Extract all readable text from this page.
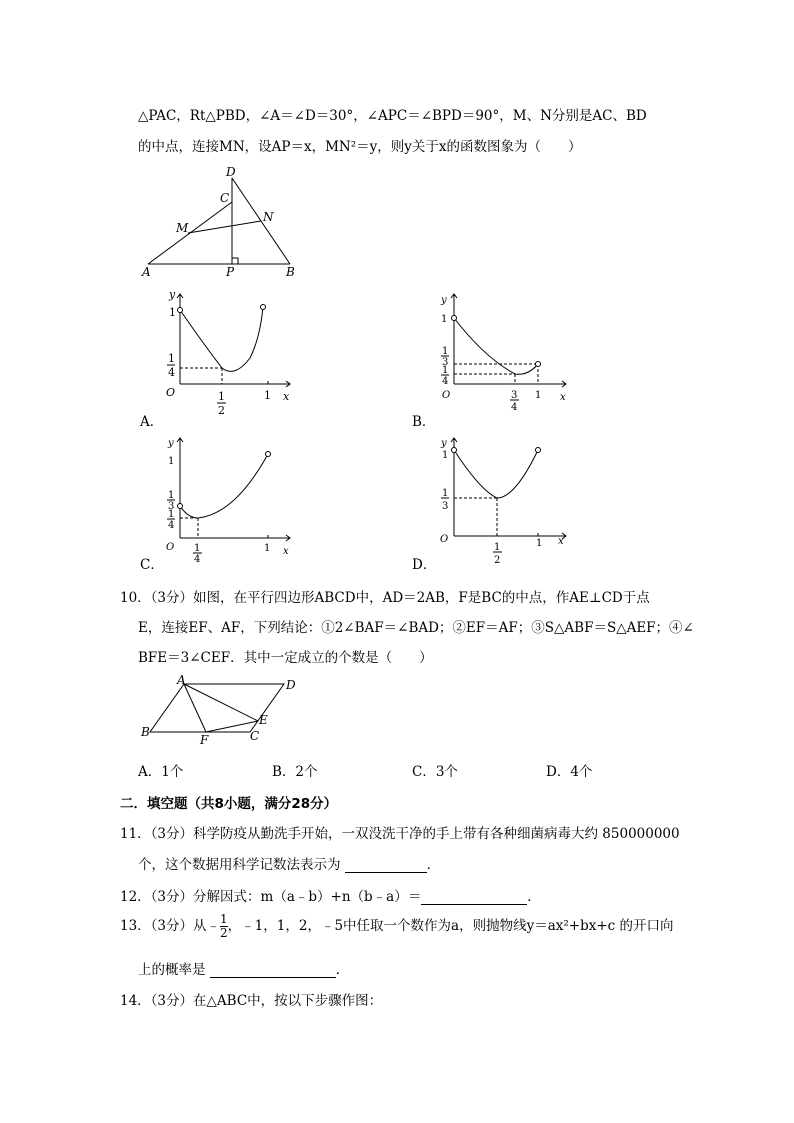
△PAC，Rt△PBD，∠A＝∠D＝30°，∠APC＝∠BPD＝90°，M、N分别是AC、BD
的中点，连接MN，设AP＝x，MN²＝y，则y关于x的函数图象为（　　）
D
C
N
M
A	P	B
y
1
1
4
O	1
2
1 x
A．
y
1
1
3
1
4
O	3
4
1 x
B．
y
1
1
3
1
4
O 1
4
1 x
C．
y
1
1
3
O
1
2
1 x
D．
10．（3分）如图，在平行四边形ABCD中，AD＝2AB，F是BC的中点，作AE⊥CD于点
E，连接EF、AF，下列结论：①2∠BAF＝∠BAD；②EF＝AF；③S△ABF＝S△AEF；④∠
BFE＝3∠CEF．其中一定成立的个数是（　　）
A	D
E
B
F	C
A．1个	B．2个	C．3个	D．4个
二．填空题（共8小题，满分28分）
11．（3分）科学防疫从勤洗手开始，一双没洗干净的手上带有各种细菌病毒大约 850000000
个，这个数据用科学记数法表示为	．
12．（3分）分解因式：m（a﹣b）+n（b﹣a）＝	．
13．（3分）从﹣ $\frac{1}{2}$ ，﹣1，1，2，﹣5中任取一个数作为a，则抛物线y＝ax²+bx+c 的开口向
上的概率是	．
14．（3分）在△ABC中，按以下步骤作图：
